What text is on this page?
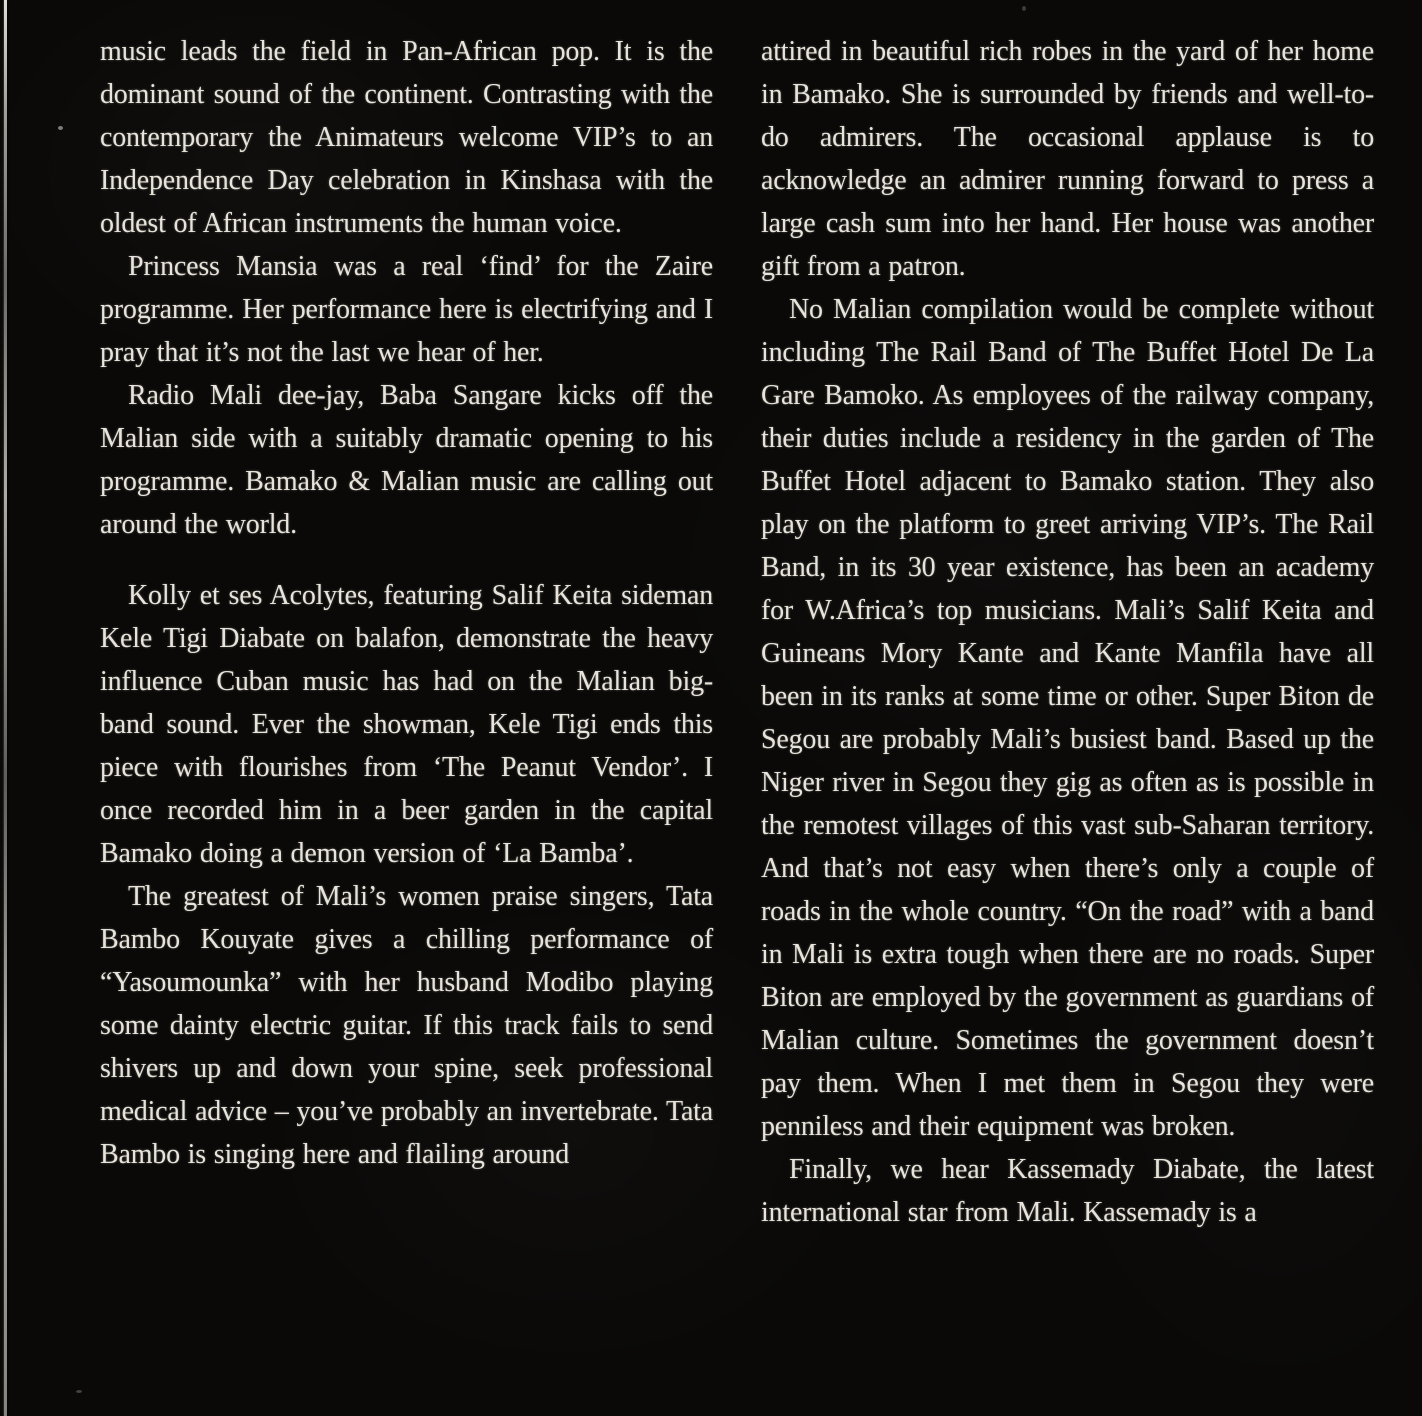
music leads the field in Pan-African pop. It is the dominant sound of the continent. Contrasting with the contemporary the Animateurs welcome VIP’s to an Independence Day celebration in Kinshasa with the oldest of African instruments the human voice.

Princess Mansia was a real ‘find’ for the Zaire programme. Her performance here is electrifying and I pray that it’s not the last we hear of her.

Radio Mali dee-jay, Baba Sangare kicks off the Malian side with a suitably dramatic opening to his programme. Bamako & Malian music are calling out around the world.

Kolly et ses Acolytes, featuring Salif Keita sideman Kele Tigi Diabate on balafon, demonstrate the heavy influence Cuban music has had on the Malian big-band sound. Ever the showman, Kele Tigi ends this piece with flourishes from ‘The Peanut Vendor’. I once recorded him in a beer garden in the capital Bamako doing a demon version of ‘La Bamba’.

The greatest of Mali’s women praise singers, Tata Bambo Kouyate gives a chilling performance of “Yasoumounka” with her husband Modibo playing some dainty electric guitar. If this track fails to send shivers up and down your spine, seek professional medical advice – you’ve probably an invertebrate. Tata Bambo is singing here and flailing around

attired in beautiful rich robes in the yard of her home in Bamako. She is surrounded by friends and well-to-do admirers. The occasional applause is to acknowledge an admirer running forward to press a large cash sum into her hand. Her house was another gift from a patron.

No Malian compilation would be complete without including The Rail Band of The Buffet Hotel De La Gare Bamoko. As employees of the railway company, their duties include a residency in the garden of The Buffet Hotel adjacent to Bamako station. They also play on the platform to greet arriving VIP’s. The Rail Band, in its 30 year existence, has been an academy for W.Africa’s top musicians. Mali’s Salif Keita and Guineans Mory Kante and Kante Manfila have all been in its ranks at some time or other. Super Biton de Segou are probably Mali’s busiest band. Based up the Niger river in Segou they gig as often as is possible in the remotest villages of this vast sub-Saharan territory. And that’s not easy when there’s only a couple of roads in the whole country. “On the road” with a band in Mali is extra tough when there are no roads. Super Biton are employed by the government as guardians of Malian culture. Sometimes the government doesn’t pay them. When I met them in Segou they were penniless and their equipment was broken.

Finally, we hear Kassemady Diabate, the latest international star from Mali. Kassemady is a
